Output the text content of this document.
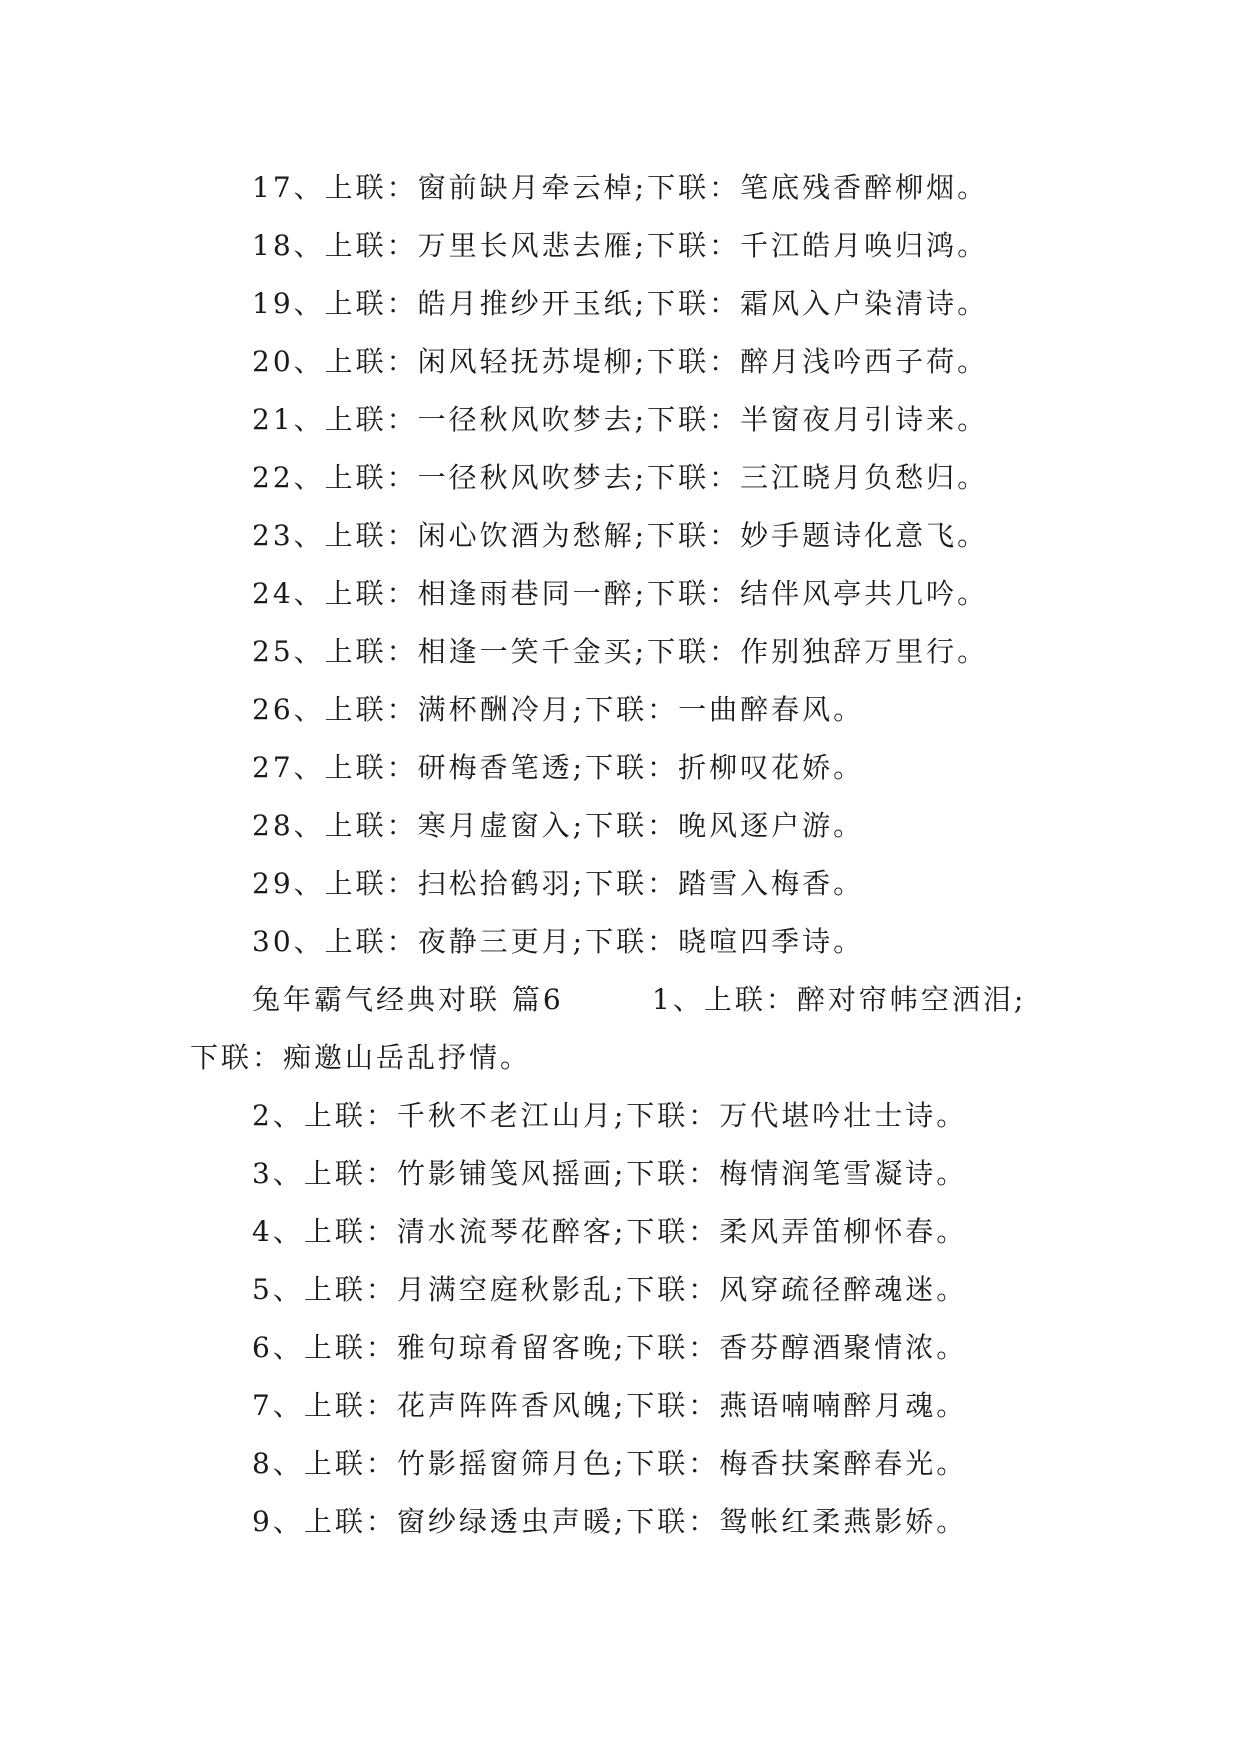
17、上联：窗前缺月牵云棹;下联：笔底残香醉柳烟。
18、上联：万里长风悲去雁;下联：千江皓月唤归鸿。
19、上联：皓月推纱开玉纸;下联：霜风入户染清诗。
20、上联：闲风轻抚苏堤柳;下联：醉月浅吟西子荷。
21、上联：一径秋风吹梦去;下联：半窗夜月引诗来。
22、上联：一径秋风吹梦去;下联：三江晓月负愁归。
23、上联：闲心饮酒为愁解;下联：妙手题诗化意飞。
24、上联：相逢雨巷同一醉;下联：结伴风亭共几吟。
25、上联：相逢一笑千金买;下联：作别独辞万里行。
26、上联：满杯酬冷月;下联：一曲醉春风。
27、上联：研梅香笔透;下联：折柳叹花娇。
28、上联：寒月虚窗入;下联：晚风逐户游。
29、上联：扫松拾鹤羽;下联：踏雪入梅香。
30、上联：夜静三更月;下联：晓喧四季诗。
兔年霸气经典对联 篇6	1、上联：醉对帘帏空洒泪;
下联：痴邀山岳乱抒情。
2、上联：千秋不老江山月;下联：万代堪吟壮士诗。
3、上联：竹影铺笺风摇画;下联：梅情润笔雪凝诗。
4、上联：清水流琴花醉客;下联：柔风弄笛柳怀春。
5、上联：月满空庭秋影乱;下联：风穿疏径醉魂迷。
6、上联：雅句琼肴留客晚;下联：香芬醇酒聚情浓。
7、上联：花声阵阵香风魄;下联：燕语喃喃醉月魂。
8、上联：竹影摇窗筛月色;下联：梅香扶案醉春光。
9、上联：窗纱绿透虫声暖;下联：鸳帐红柔燕影娇。
